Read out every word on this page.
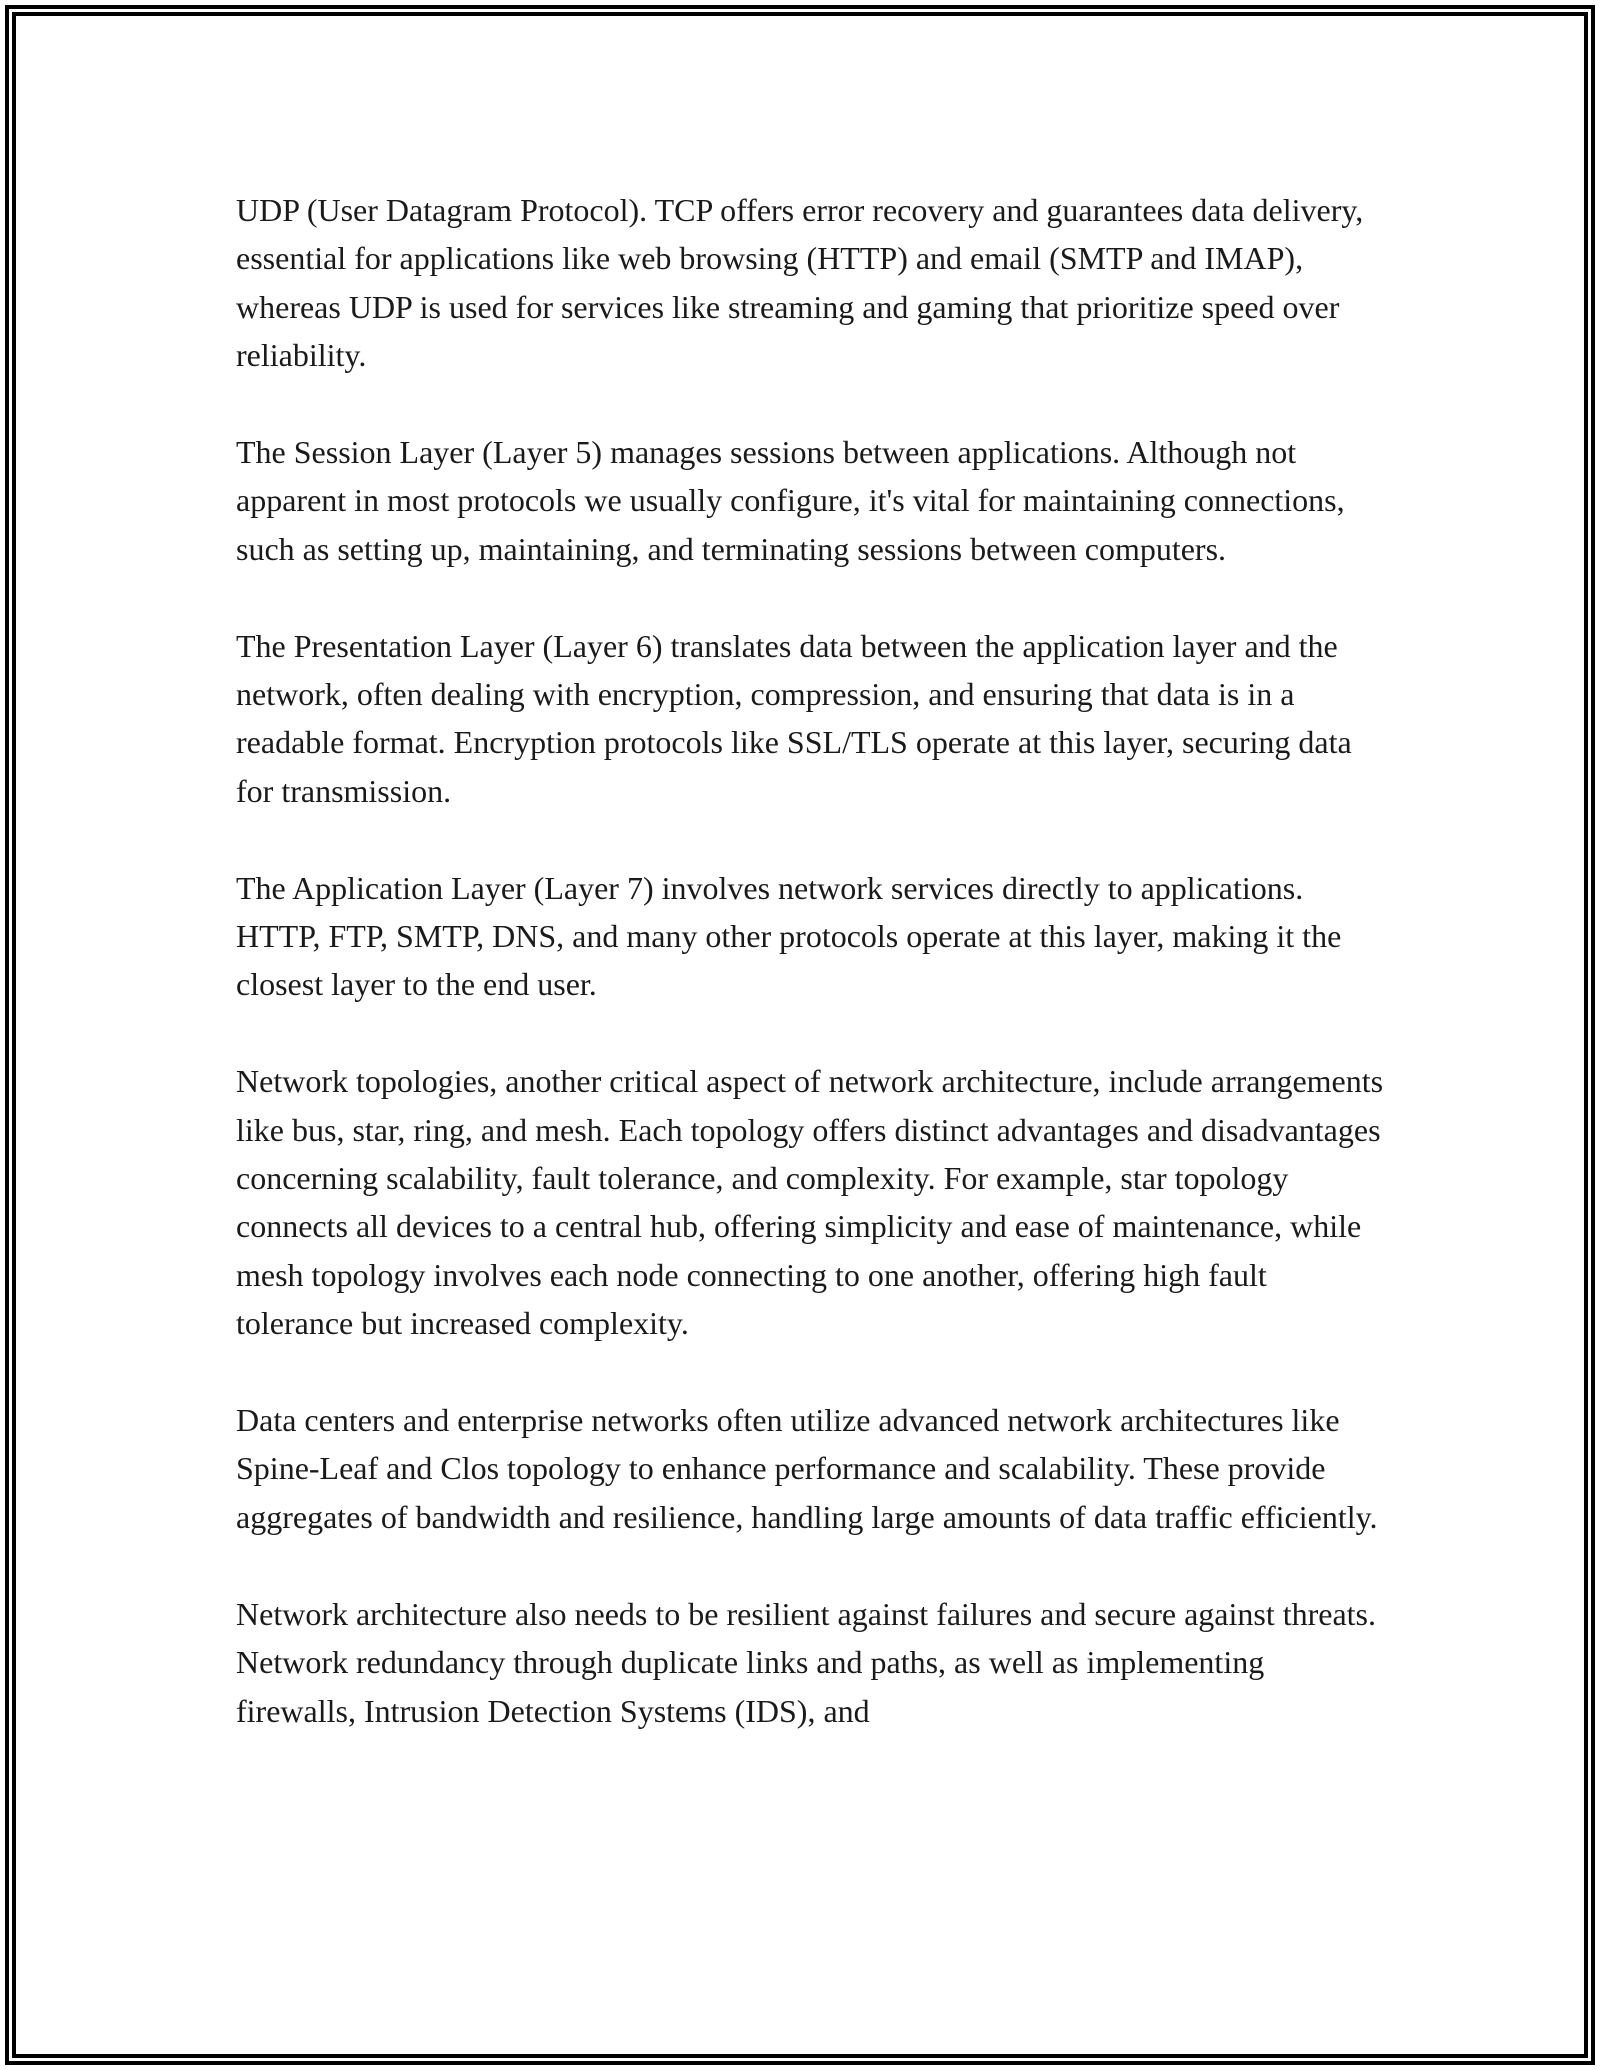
UDP (User Datagram Protocol). TCP offers error recovery and guarantees data delivery, essential for applications like web browsing (HTTP) and email (SMTP and IMAP), whereas UDP is used for services like streaming and gaming that prioritize speed over reliability.

The Session Layer (Layer 5) manages sessions between applications. Although not apparent in most protocols we usually configure, it's vital for maintaining connections, such as setting up, maintaining, and terminating sessions between computers.

The Presentation Layer (Layer 6) translates data between the application layer and the network, often dealing with encryption, compression, and ensuring that data is in a readable format. Encryption protocols like SSL/TLS operate at this layer, securing data for transmission.

The Application Layer (Layer 7) involves network services directly to applications. HTTP, FTP, SMTP, DNS, and many other protocols operate at this layer, making it the closest layer to the end user.

Network topologies, another critical aspect of network architecture, include arrangements like bus, star, ring, and mesh. Each topology offers distinct advantages and disadvantages concerning scalability, fault tolerance, and complexity. For example, star topology connects all devices to a central hub, offering simplicity and ease of maintenance, while mesh topology involves each node connecting to one another, offering high fault tolerance but increased complexity.

Data centers and enterprise networks often utilize advanced network architectures like Spine-Leaf and Clos topology to enhance performance and scalability. These provide aggregates of bandwidth and resilience, handling large amounts of data traffic efficiently.

Network architecture also needs to be resilient against failures and secure against threats. Network redundancy through duplicate links and paths, as well as implementing firewalls, Intrusion Detection Systems (IDS), and
